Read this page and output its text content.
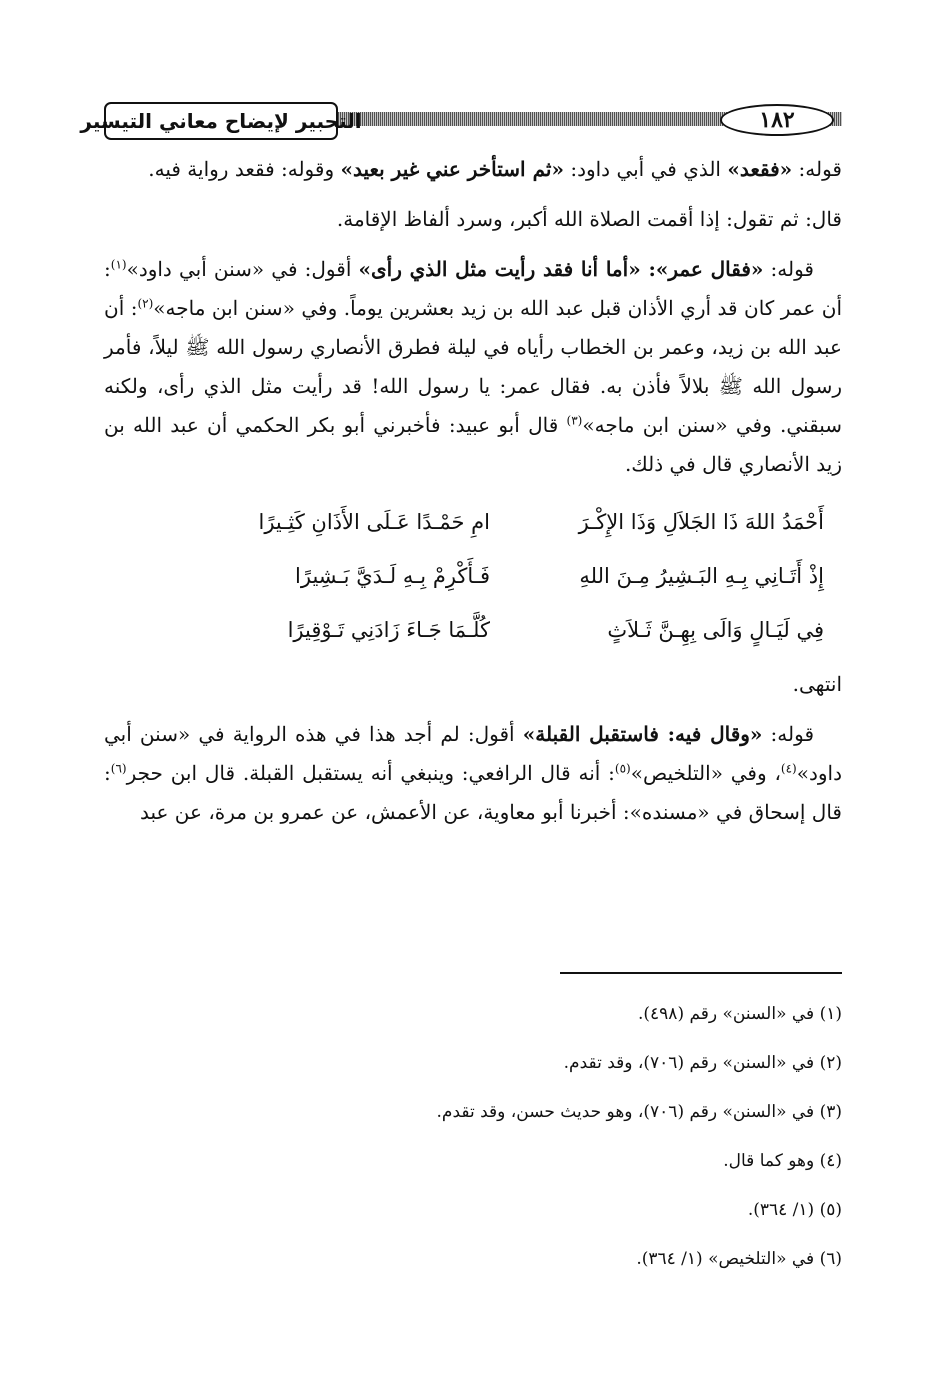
التحبير لإيضاح معاني التيسير	١٨٢

قوله: «فقعد» الذي في أبي داود: «ثم استأخر عني غير بعيد» وقوله: فقعد رواية فيه.

قال: ثم تقول: إذا أقمت الصلاة الله أكبر، وسرد ألفاظ الإقامة.

قوله: «فقال عمر»: «أما أنا فقد رأيت مثل الذي رأى» أقول: في «سنن أبي داود»$^{(١)}$: أن عمر كان قد أري الأذان قبل عبد الله بن زيد بعشرين يوماً. وفي «سنن ابن ماجه»$^{(٢)}$: أن عبد الله بن زيد، وعمر بن الخطاب رأياه في ليلة فطرق الأنصاري رسول الله ﷺ ليلاً، فأمر رسول الله ﷺ بلالاً فأذن به. فقال عمر: يا رسول الله! قد رأيت مثل الذي رأى، ولكنه سبقني. وفي «سنن ابن ماجه»$^{(٣)}$ قال أبو عبيد: فأخبرني أبو بكر الحكمي أن عبد الله بن زيد الأنصاري قال في ذلك.

أَحْمَدُ اللهَ ذَا الجَلاَلِ وَذَا الإِكْـرَ
امِ حَمْـدًا عَـلَى الأَذَانِ كَثِـيرًا
إِذْ أَتَـانِي بِـهِ البَـشِيرُ مِـنَ اللهِ
فَـأَكْرِمْ بِـهِ لَـدَيَّ بَـشِيرًا
فِي لَيَـالٍ وَالَى بِهِـنَّ ثَـلاَثٍ
كُلَّـمَا جَـاءَ زَادَنِي تَـوْقِيرًا

انتهى.

قوله: «وقال فيه: فاستقبل القبلة» أقول: لم أجد هذا في هذه الرواية في «سنن أبي داود»$^{(٤)}$، وفي «التلخيص»$^{(٥)}$: أنه قال الرافعي: وينبغي أنه يستقبل القبلة. قال ابن حجر$^{(٦)}$: قال إسحاق في «مسنده»: أخبرنا أبو معاوية، عن الأعمش، عن عمرو بن مرة، عن عبد

(١) في «السنن» رقم (٤٩٨).
(٢) في «السنن» رقم (٧٠٦)، وقد تقدم.
(٣) في «السنن» رقم (٧٠٦)، وهو حديث حسن، وقد تقدم.
(٤) وهو كما قال.
(٥) (١/ ٣٦٤).
(٦) في «التلخيص» (١/ ٣٦٤).
